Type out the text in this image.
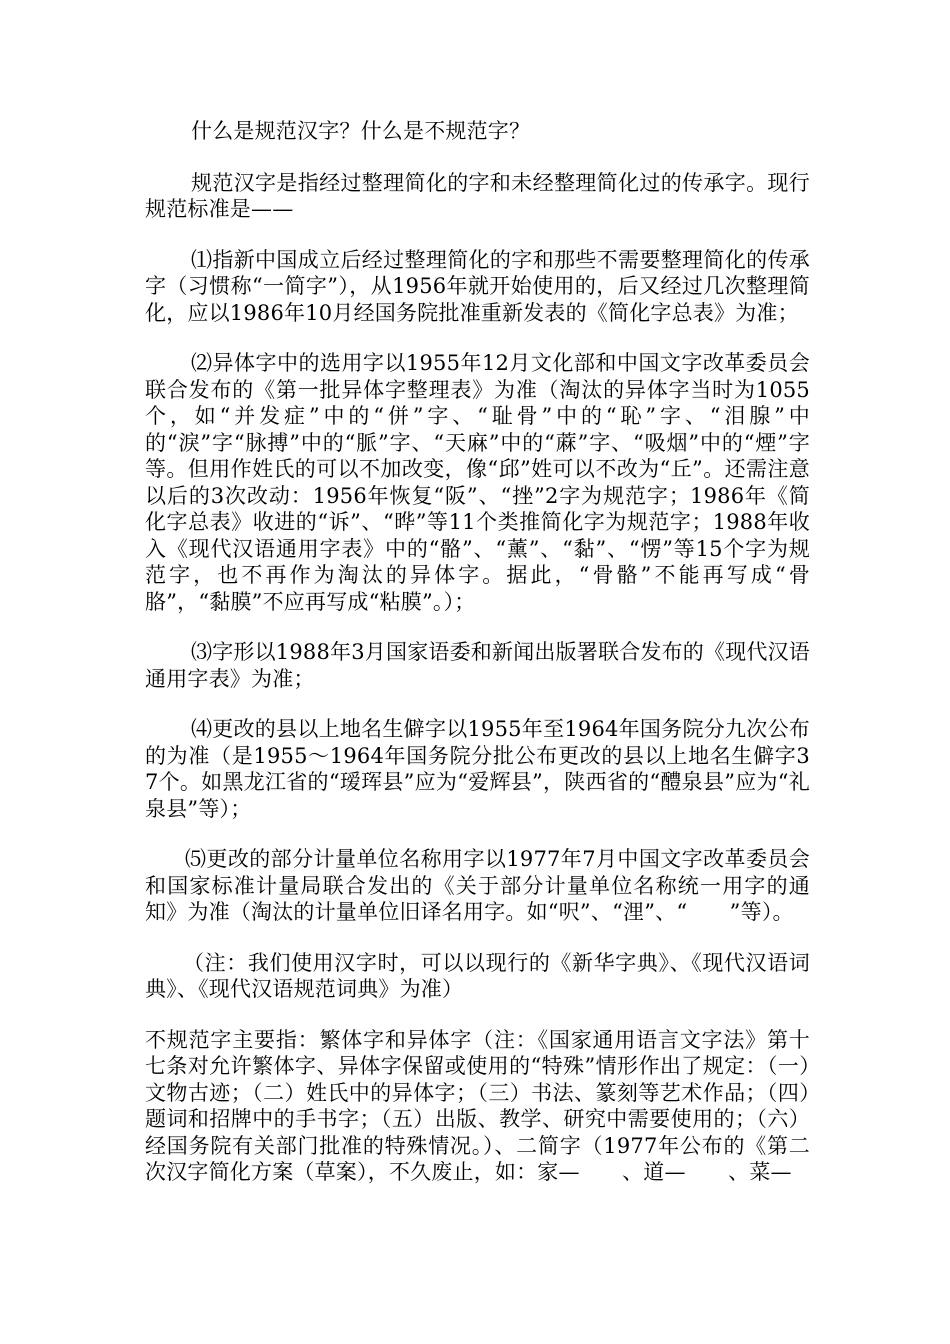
什么是规范汉字？什么是不规范字？

规范汉字是指经过整理简化的字和未经整理简化过的传承字。现行规范标准是——

⑴指新中国成立后经过整理简化的字和那些不需要整理简化的传承字（习惯称“一简字”），从1956年就开始使用的，后又经过几次整理简化，应以1986年10月经国务院批准重新发表的《简化字总表》为准；

⑵异体字中的选用字以1955年12月文化部和中国文字改革委员会联合发布的《第一批异体字整理表》为准（淘汰的异体字当时为1055个，如“并发症”中的“併”字、“耻骨”中的“恥”字、“泪腺”中的“淚”字“脉搏”中的“脈”字、“天麻”中的“蔴”字、“吸烟”中的“煙”字等。但用作姓氏的可以不加改变，像“邱”姓可以不改为“丘”。还需注意以后的3次改动：1956年恢复“阪”、“挫”2字为规范字；1986年《简化字总表》收进的“诉”、“晔”等11个类推简化字为规范字；1988年收入《现代汉语通用字表》中的“骼”、“薰”、“黏”、“愣”等15个字为规范字，也不再作为淘汰的异体字。据此，“骨骼”不能再写成“骨胳”，“黏膜”不应再写成“粘膜”。）；

⑶字形以1988年3月国家语委和新闻出版署联合发布的《现代汉语通用字表》为准；

⑷更改的县以上地名生僻字以1955年至1964年国务院分九次公布的为准（是1955～1964年国务院分批公布更改的县以上地名生僻字37个。如黑龙江省的“瑷珲县”应为“爱辉县”，陕西省的“醴泉县”应为“礼泉县”等）；

⑸更改的部分计量单位名称用字以1977年7月中国文字改革委员会和国家标准计量局联合发出的《关于部分计量单位名称统一用字的通知》为准（淘汰的计量单位旧译名用字。如“呎”、“浬”、“　　”等）。

（注：我们使用汉字时，可以以现行的《新华字典》、《现代汉语词典》、《现代汉语规范词典》为准）

不规范字主要指：繁体字和异体字（注：《国家通用语言文字法》第十七条对允许繁体字、异体字保留或使用的“特殊”情形作出了规定：（一）文物古迹；（二）姓氏中的异体字；（三）书法、篆刻等艺术作品；（四）题词和招牌中的手书字；（五）出版、教学、研究中需要使用的；（六）经国务院有关部门批准的特殊情况。）、二简字（1977年公布的《第二次汉字简化方案（草案），不久废止，如：家—　　、道—　　、菜—
